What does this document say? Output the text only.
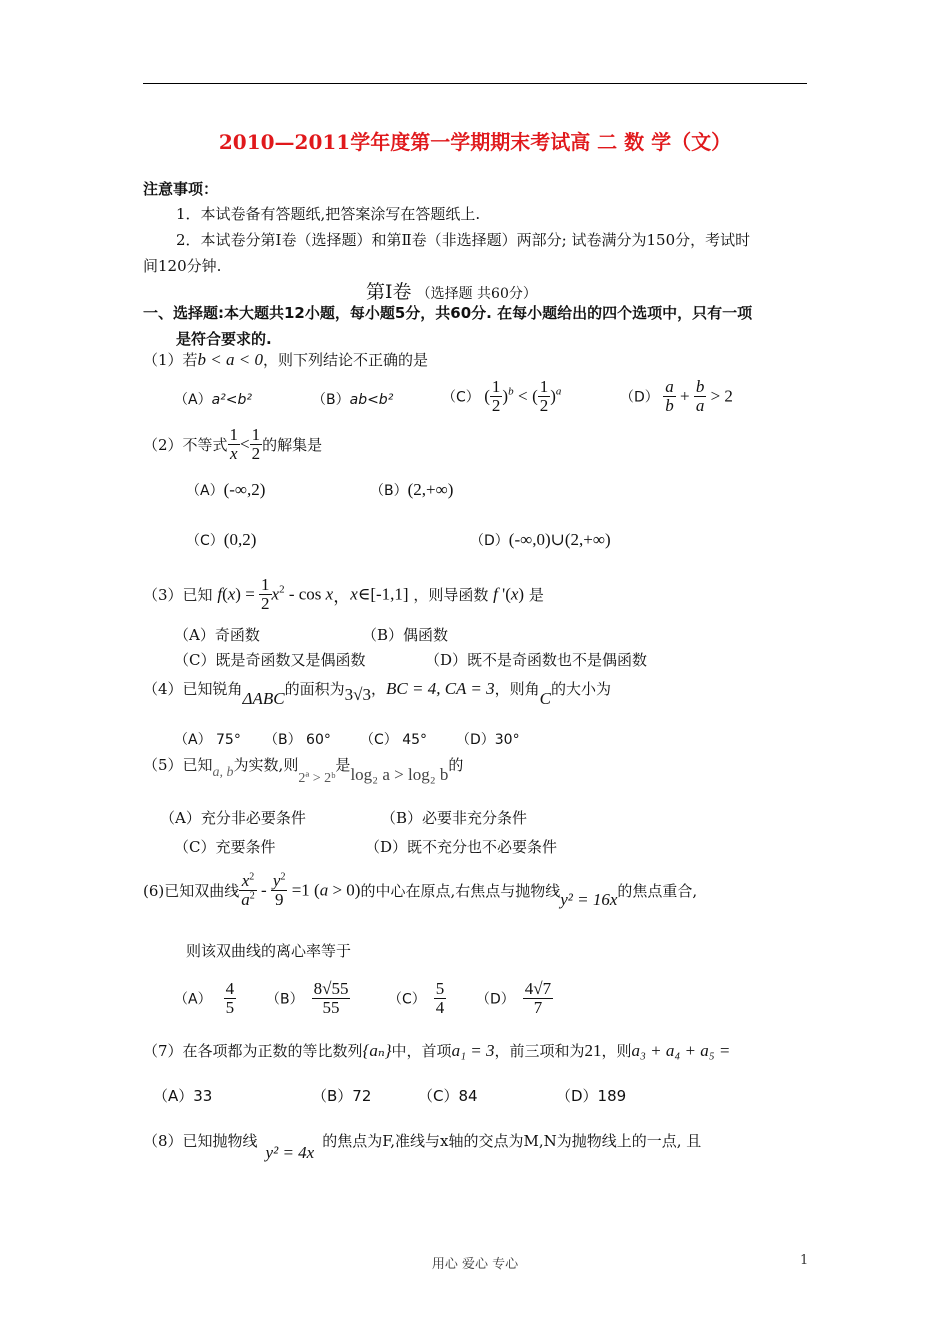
2010—2011学年度第一学期期末考试高 二 数 学（文）
注意事项：
1．本试卷备有答题纸,把答案涂写在答题纸上.
2．本试卷分第Ⅰ卷（选择题）和第Ⅱ卷（非选择题）两部分; 试卷满分为150分，考试时
间120分钟.
第Ⅰ卷 （选择题 共60分）
一、选择题:本大题共12小题，每小题5分，共60分. 在每小题给出的四个选项中，只有一项
是符合要求的.
（1）若b < a < 0，则下列结论不正确的是
（A）a²<b²	（B）ab<b²	（C） ( $\frac{1}{2} )^b$ < ( $\frac{1}{2} )^a$	$(D) \frac{a}{b} + \frac{b}{a} > 2$
（2）不等式 $\frac{1}{x} < \frac{1}{2}$ 的解集是
（A）(-∞,2)	（B）(2,+∞)
（C）(0,2)	（D）(-∞,0)∪(2,+∞)
（3）已知 $f(x) = \frac{1}{2} x^2 - \cos x$，x∈[-1,1] ，则导函数 f '(x) 是
（A）奇函数	（B）偶函数
（C）既是奇函数又是偶函数	（D）既不是奇函数也不是偶函数
（4）已知锐角ΔABC的面积为3√3，BC = 4, CA = 3，则角C的大小为
（A） 75° （B） 60° （C） 45° （D）30°
（5）已知a, b为实数,则2ª > 2ᵇ是log₂ a > log₂ b的
（A）充分非必要条件	（B）必要非充分条件
（C）充要条件	（D）既不充分也不必要条件
(6)已知双曲线 $\frac{x^2}{a^2} - \frac{y^2}{9} =1$ (a > 0)的中心在原点,右焦点与抛物线y² = 16x的焦点重合,
则该双曲线的离心率等于
$(A) \frac{4}{5} (B) \frac{8√55}{55}$	$(C) \frac{5}{4} (D) \frac{4√7}{7}$
（7）在各项都为正数的等比数列{aₙ}中，首项a₁ = 3，前三项和为21，则a₃ + a₄ + a₅ =
（A）33	（B）72	（C）84	（D）189
（8）已知抛物线y² = 4x的焦点为F,准线与x轴的交点为M,N为抛物线上的一点, 且
用心 爱心 专心	1
